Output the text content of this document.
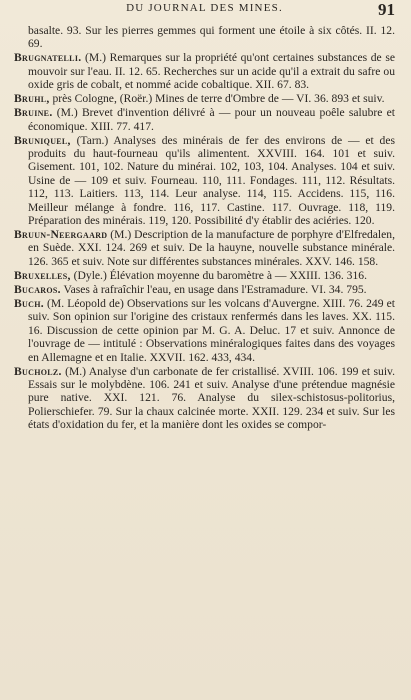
DU JOURNAL DES MINES.	91
basalte. 93. Sur les pierres gemmes qui forment une étoile à six côtés. II. 12. 69.
Brugnatelli. (M.) Remarques sur la propriété qu'ont certaines substances de se mouvoir sur l'eau. II. 12. 65. Recherches sur un acide qu'il a extrait du safre ou oxide gris de cobalt, et nommé acide cobaltique. XII. 67. 83.
Bruhl, près Cologne, (Roër.) Mines de terre d'Ombre de — VI. 36. 893 et suiv.
Bruine. (M.) Brevet d'invention délivré à — pour un nouveau poêle salubre et économique. XIII. 77. 417.
Bruniquel, (Tarn.) Analyses des minérais de fer des environs de — et des produits du haut-fourneau qu'ils alimentent. XXVIII. 164. 101 et suiv. Gisement. 101, 102. Nature du minérai. 102, 103, 104. Analyses. 104 et suiv. Usine de — 109 et suiv. Fourneau. 110, 111. Fondages. 111, 112. Résultats. 112, 113. Laitiers. 113, 114. Leur analyse. 114, 115. Accidens. 115, 116. Meilleur mélange à fondre. 116, 117. Castine. 117. Ouvrage. 118, 119. Préparation des minérais. 119, 120. Possibilité d'y établir des aciéries. 120.
Bruun-Neergaard (M.) Description de la manufacture de porphyre d'Elfredalen, en Suède. XXI. 124. 269 et suiv. De la hauyne, nouvelle substance minérale. 126. 365 et suiv. Note sur différentes substances minérales. XXV. 146. 158.
Bruxelles, (Dyle.) Élévation moyenne du baromètre à — XXIII. 136. 316.
Bucaros. Vases à rafraîchir l'eau, en usage dans l'Estramadure. VI. 34. 795.
Buch. (M. Léopold de) Observations sur les volcans d'Auvergne. XIII. 76. 249 et suiv. Son opinion sur l'origine des cristaux renfermés dans les laves. XX. 115. 16. Discussion de cette opinion par M. G. A. Deluc. 17 et suiv. Annonce de l'ouvrage de — intitulé : Observations minéralogiques faites dans des voyages en Allemagne et en Italie. XXVII. 162. 433, 434.
Bucholz. (M.) Analyse d'un carbonate de fer cristallisé. XVIII. 106. 199 et suiv. Essais sur le molybdène. 106. 241 et suiv. Analyse d'une prétendue magnésie pure native. XXI. 121. 76. Analyse du silex-schistosus-politorius, Polierschiefer. 79. Sur la chaux calcinée morte. XXII. 129. 234 et suiv. Sur les états d'oxidation du fer, et la manière dont les oxides se compor-
